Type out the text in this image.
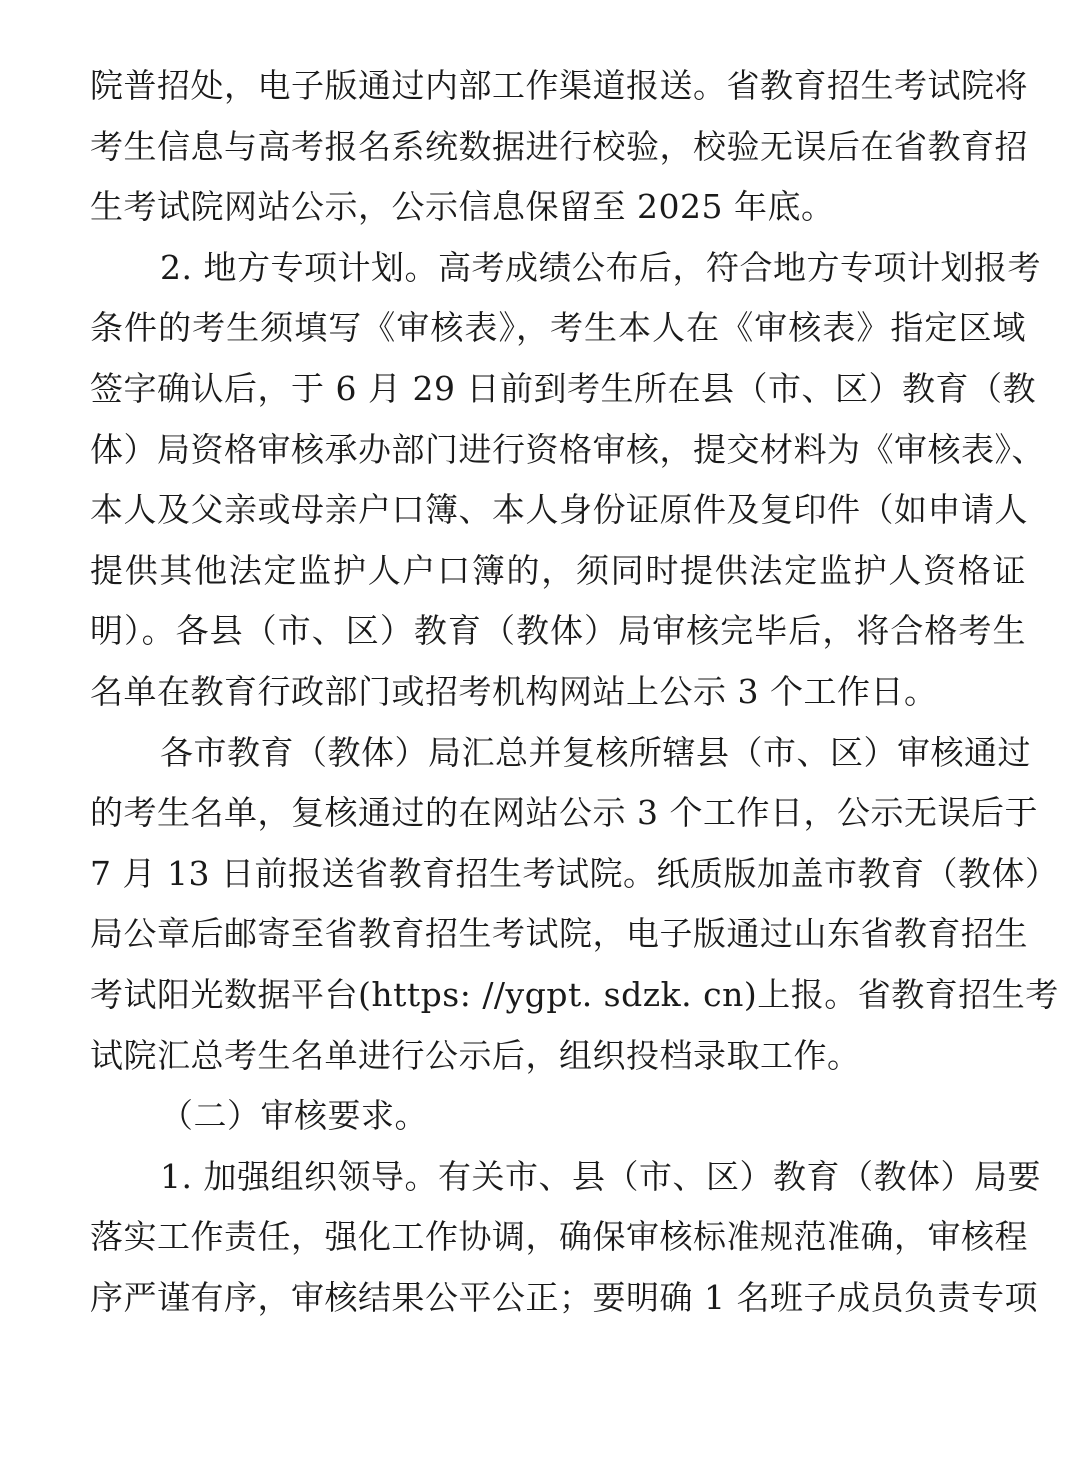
院普招处，电子版通过内部工作渠道报送。省教育招生考试院将
考生信息与高考报名系统数据进行校验，校验无误后在省教育招
生考试院网站公示，公示信息保留至 2025 年底。
2. 地方专项计划。高考成绩公布后，符合地方专项计划报考
条件的考生须填写《审核表》，考生本人在《审核表》指定区域
签字确认后，于 6 月 29 日前到考生所在县（市、区）教育（教
体）局资格审核承办部门进行资格审核，提交材料为《审核表》、
本人及父亲或母亲户口簿、本人身份证原件及复印件（如申请人
提供其他法定监护人户口簿的，须同时提供法定监护人资格证
明）。各县（市、区）教育（教体）局审核完毕后，将合格考生
名单在教育行政部门或招考机构网站上公示 3 个工作日。
各市教育（教体）局汇总并复核所辖县（市、区）审核通过
的考生名单，复核通过的在网站公示 3 个工作日，公示无误后于
7 月 13 日前报送省教育招生考试院。纸质版加盖市教育（教体）
局公章后邮寄至省教育招生考试院，电子版通过山东省教育招生
考试阳光数据平台(https: //ygpt. sdzk. cn)上报。省教育招生考
试院汇总考生名单进行公示后，组织投档录取工作。
（二）审核要求。
1. 加强组织领导。有关市、县（市、区）教育（教体）局要
落实工作责任，强化工作协调，确保审核标准规范准确，审核程
序严谨有序，审核结果公平公正；要明确 1 名班子成员负责专项
